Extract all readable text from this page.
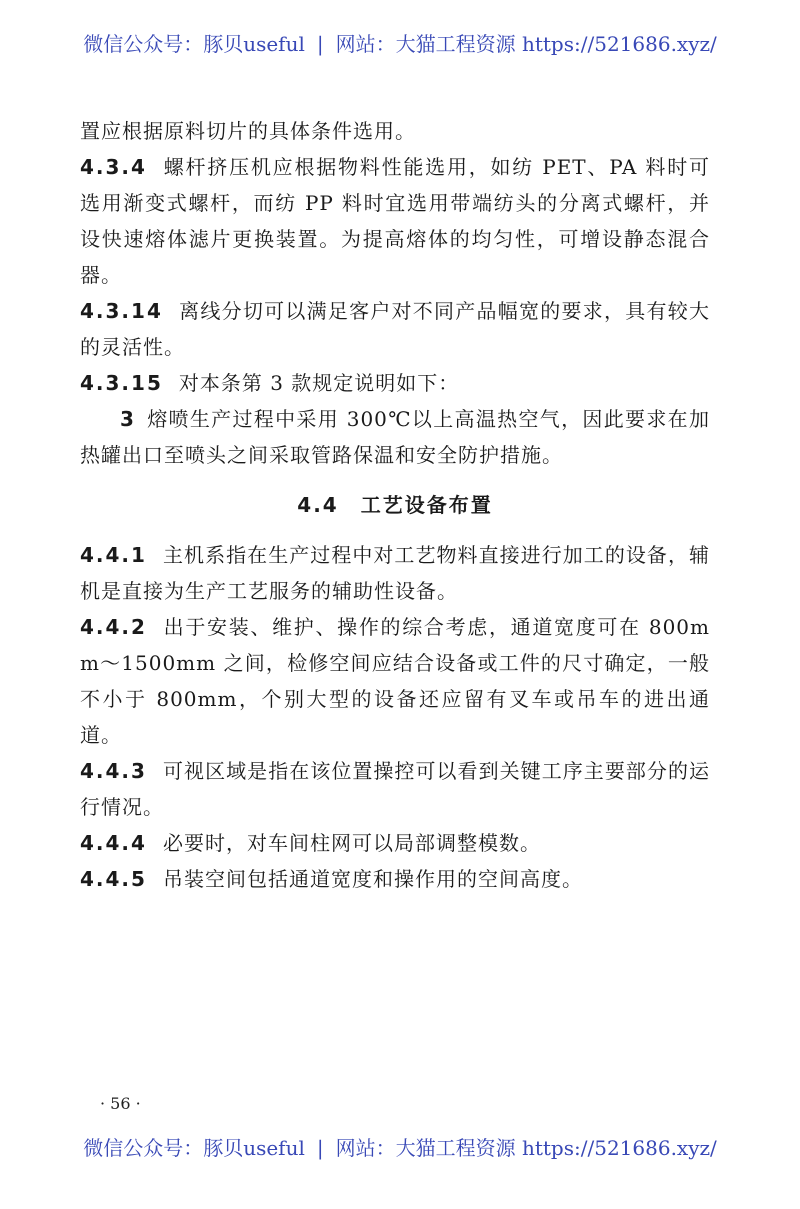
微信公众号：豚贝useful | 网站：大猫工程资源 https://521686.xyz/

置应根据原料切片的具体条件选用。

4.3.4 螺杆挤压机应根据物料性能选用，如纺 PET、PA 料时可选用渐变式螺杆，而纺 PP 料时宜选用带端纺头的分离式螺杆，并设快速熔体滤片更换装置。为提高熔体的均匀性，可增设静态混合器。

4.3.14 离线分切可以满足客户对不同产品幅宽的要求，具有较大的灵活性。

4.3.15 对本条第 3 款规定说明如下：

3 熔喷生产过程中采用 300℃以上高温热空气，因此要求在加热罐出口至喷头之间采取管路保温和安全防护措施。

4.4 工艺设备布置

4.4.1 主机系指在生产过程中对工艺物料直接进行加工的设备，辅机是直接为生产工艺服务的辅助性设备。

4.4.2 出于安装、维护、操作的综合考虑，通道宽度可在 800mm～1500mm 之间，检修空间应结合设备或工件的尺寸确定，一般不小于 800mm，个别大型的设备还应留有叉车或吊车的进出通道。

4.4.3 可视区域是指在该位置操控可以看到关键工序主要部分的运行情况。

4.4.4 必要时，对车间柱网可以局部调整模数。

4.4.5 吊装空间包括通道宽度和操作用的空间高度。

· 56 ·
微信公众号：豚贝useful | 网站：大猫工程资源 https://521686.xyz/
